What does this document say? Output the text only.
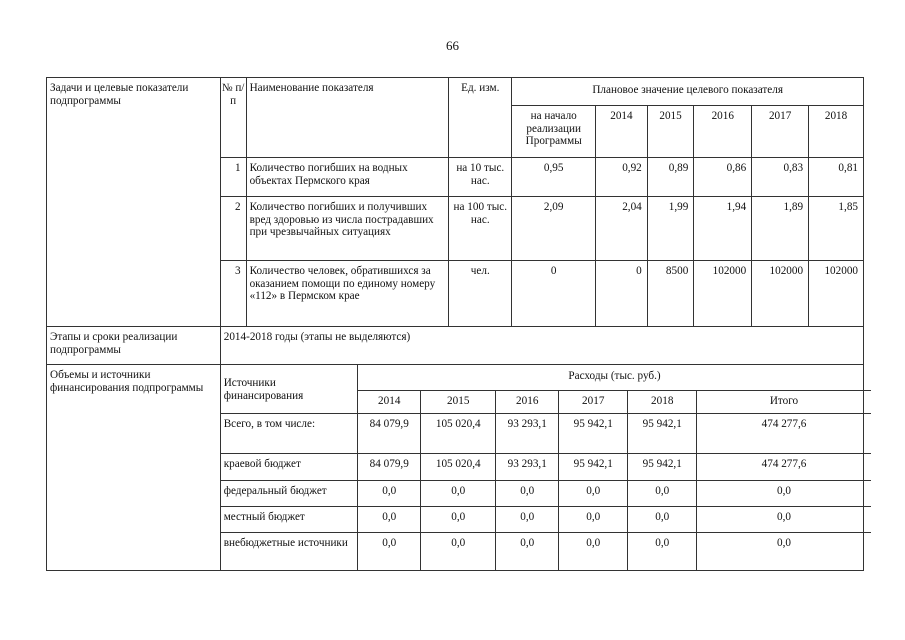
66
Задачи и целевые показатели подпрограммы	№ п/п	Наименование показателя	Ед. изм.	Плановое значение целевого показателя
на начало реализации Программы	2014	2015	2016	2017	2018
1	Количество погибших на водных объектах Пермского края	на 10 тыс. нас.	0,95	0,92	0,89	0,86	0,83	0,81
2	Количество погибших и получивших вред здоровью из числа пострадавших при чрезвычайных ситуациях	на 100 тыс. нас.	2,09	2,04	1,99	1,94	1,89	1,85
3	Количество человек, обратившихся за оказанием помощи по единому номеру «112» в Пермском крае	чел.	0	0	8500	102000	102000	102000
Этапы и сроки реализации подпрограммы	2014-2018 годы (этапы не выделяются)
Объемы и источники финансирования подпрограммы	Источники финансирования	Расходы (тыс. руб.)
2014	2015	2016	2017	2018	Итого
Всего, в том числе:	84 079,9	105 020,4	93 293,1	95 942,1	95 942,1	474 277,6
краевой бюджет	84 079,9	105 020,4	93 293,1	95 942,1	95 942,1	474 277,6
федеральный бюджет	0,0	0,0	0,0	0,0	0,0	0,0
местный бюджет	0,0	0,0	0,0	0,0	0,0	0,0
внебюджетные источники	0,0	0,0	0,0	0,0	0,0	0,0
